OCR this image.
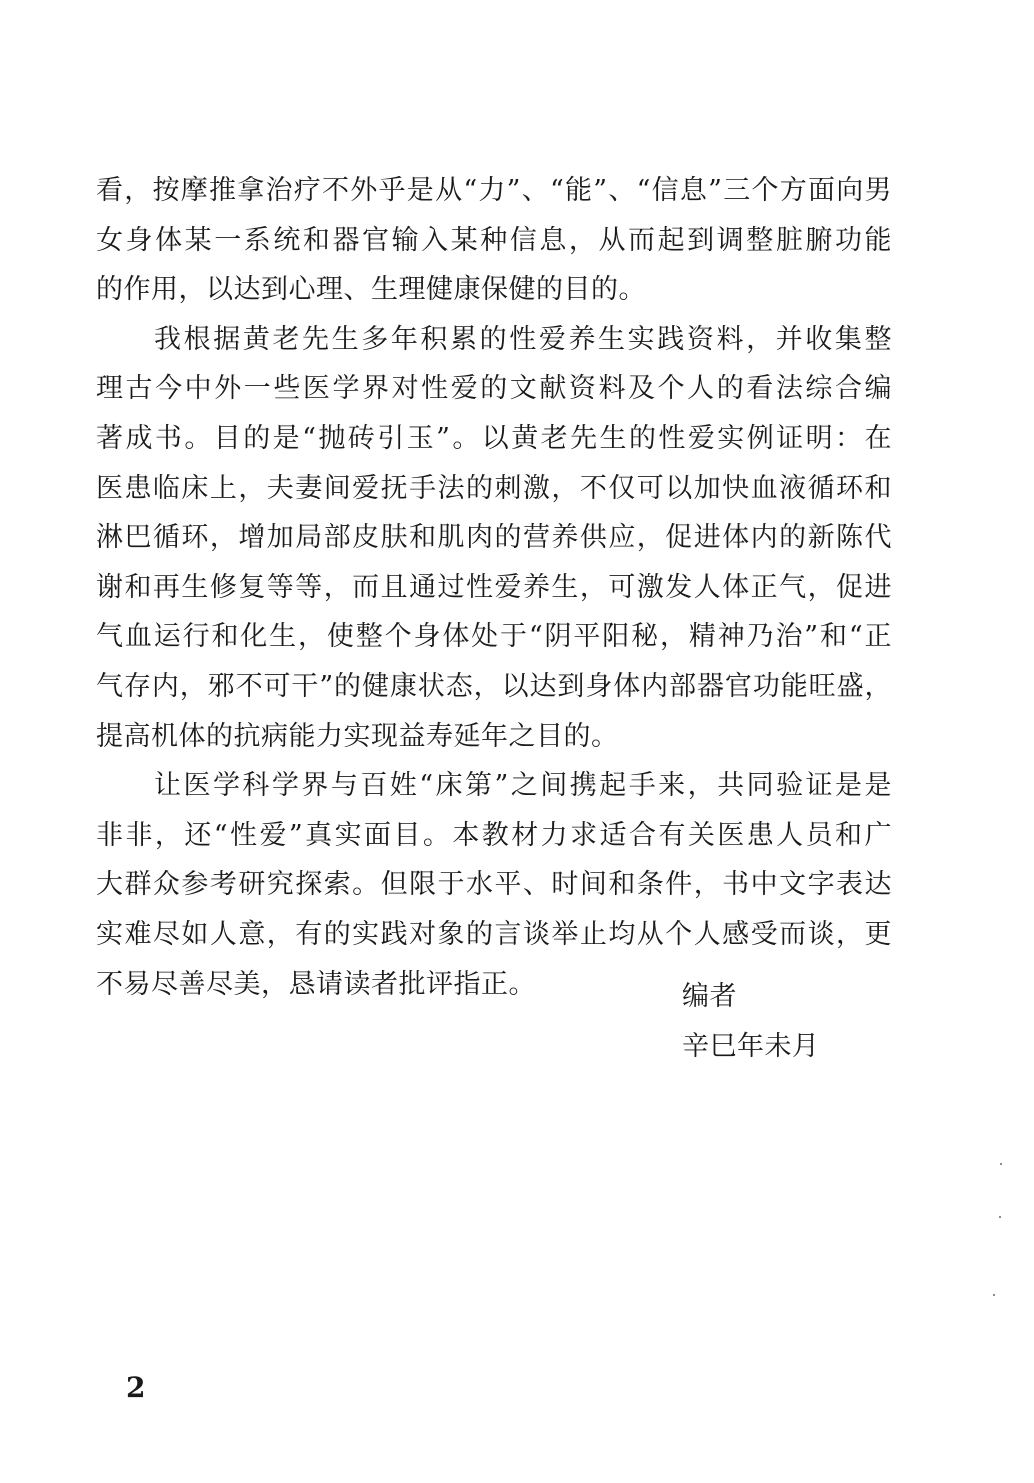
看，按摩推拿治疗不外乎是从“力”、“能”、“信息”三个方面向男
女身体某一系统和器官输入某种信息，从而起到调整脏腑功能
的作用，以达到心理、生理健康保健的目的。
我根据黄老先生多年积累的性爱养生实践资料，并收集整
理古今中外一些医学界对性爱的文献资料及个人的看法综合编
著成书。目的是“抛砖引玉”。以黄老先生的性爱实例证明：在
医患临床上，夫妻间爱抚手法的刺激，不仅可以加快血液循环和
淋巴循环，增加局部皮肤和肌肉的营养供应，促进体内的新陈代
谢和再生修复等等，而且通过性爱养生，可激发人体正气，促进
气血运行和化生，使整个身体处于“阴平阳秘，精神乃治”和“正
气存内，邪不可干”的健康状态，以达到身体内部器官功能旺盛，
提高机体的抗病能力实现益寿延年之目的。
让医学科学界与百姓“床第”之间携起手来，共同验证是是
非非，还“性爱”真实面目。本教材力求适合有关医患人员和广
大群众参考研究探索。但限于水平、时间和条件，书中文字表达
实难尽如人意，有的实践对象的言谈举止均从个人感受而谈，更
不易尽善尽美，恳请读者批评指正。	编者
辛巳年未月
2
